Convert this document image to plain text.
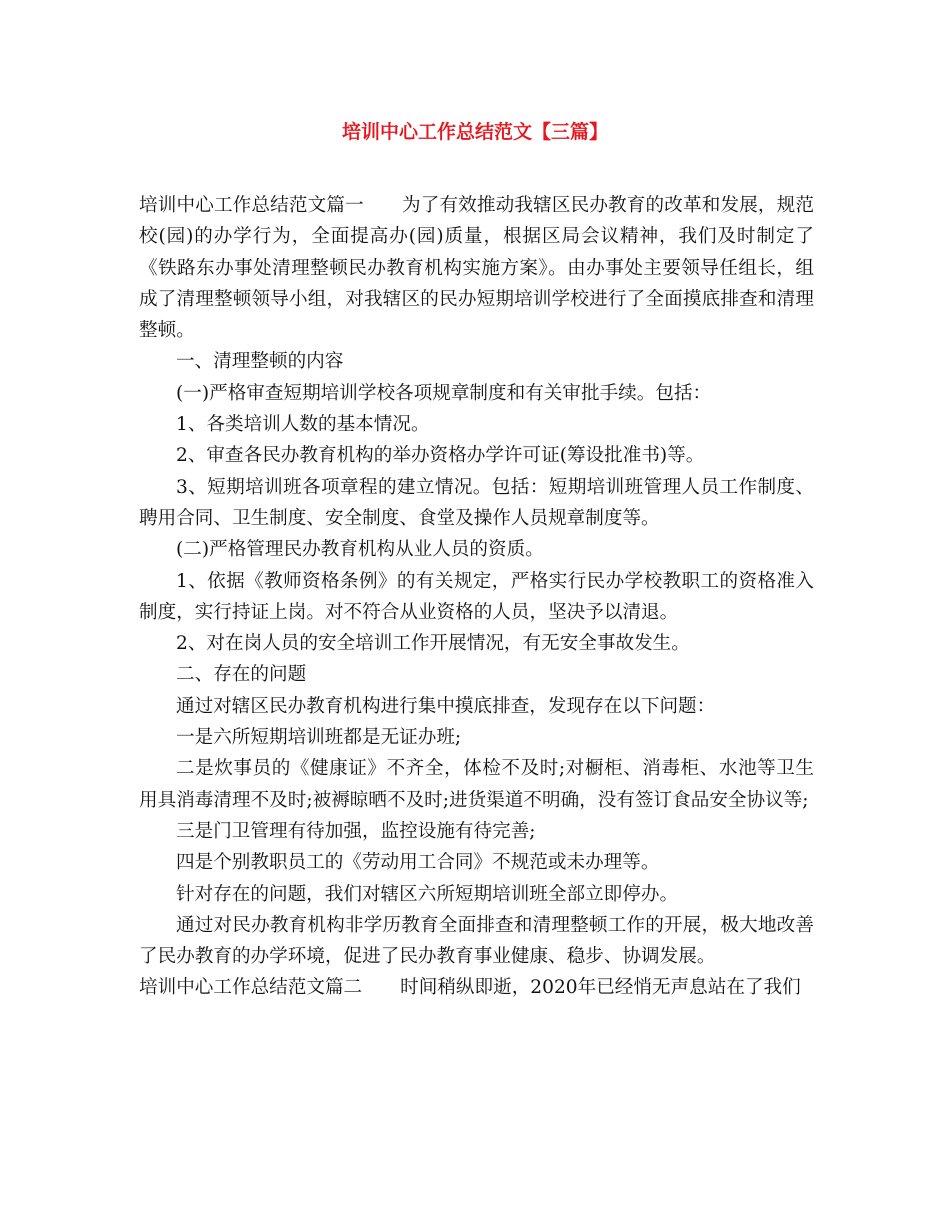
培训中心工作总结范文【三篇】

培训中心工作总结范文篇一 为了有效推动我辖区民办教育的改革和发展，规范校(园)的办学行为，全面提高办(园)质量，根据区局会议精神，我们及时制定了《铁路东办事处清理整顿民办教育机构实施方案》。由办事处主要领导任组长，组成了清理整顿领导小组，对我辖区的民办短期培训学校进行了全面摸底排查和清理整顿。

一、清理整顿的内容

(一)严格审查短期培训学校各项规章制度和有关审批手续。包括：

1、各类培训人数的基本情况。

2、审查各民办教育机构的举办资格办学许可证(筹设批准书)等。

3、短期培训班各项章程的建立情况。包括：短期培训班管理人员工作制度、聘用合同、卫生制度、安全制度、食堂及操作人员规章制度等。

(二)严格管理民办教育机构从业人员的资质。

1、依据《教师资格条例》的有关规定，严格实行民办学校教职工的资格准入制度，实行持证上岗。对不符合从业资格的人员，坚决予以清退。

2、对在岗人员的安全培训工作开展情况，有无安全事故发生。

二、存在的问题

通过对辖区民办教育机构进行集中摸底排查，发现存在以下问题：

一是六所短期培训班都是无证办班;

二是炊事员的《健康证》不齐全，体检不及时;对橱柜、消毒柜、水池等卫生用具消毒清理不及时;被褥晾晒不及时;进货渠道不明确，没有签订食品安全协议等;

三是门卫管理有待加强，监控设施有待完善;

四是个别教职员工的《劳动用工合同》不规范或未办理等。

针对存在的问题，我们对辖区六所短期培训班全部立即停办。

通过对民办教育机构非学历教育全面排查和清理整顿工作的开展，极大地改善了民办教育的办学环境，促进了民办教育事业健康、稳步、协调发展。

培训中心工作总结范文篇二 时间稍纵即逝，2020年已经悄无声息站在了我们
